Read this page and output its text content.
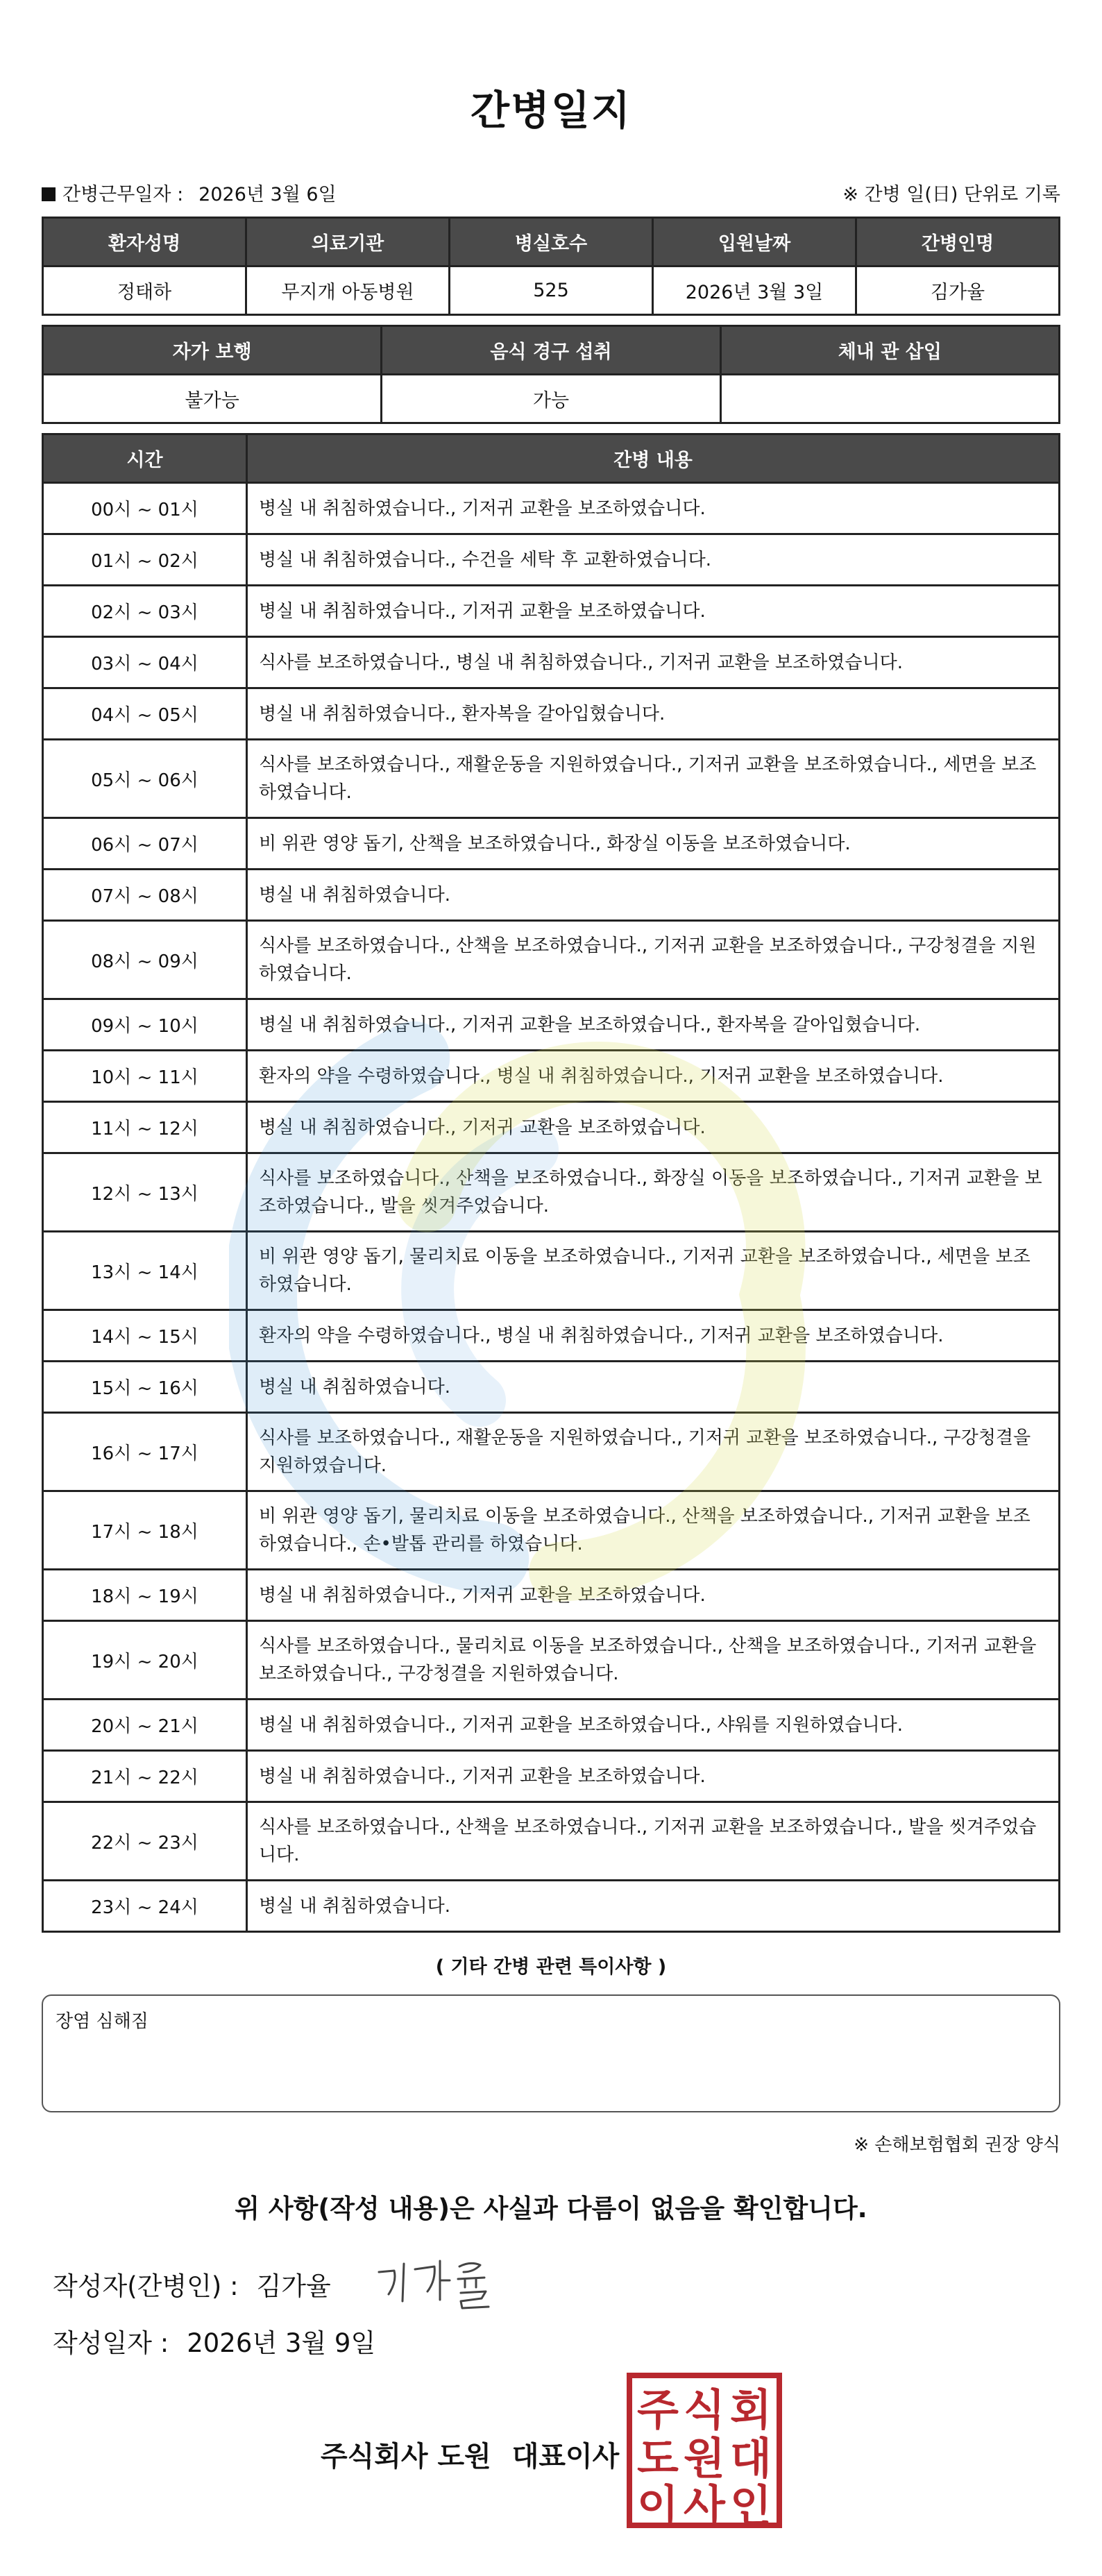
간병일지
간병근무일자 : 2026년 3월 6일	※ 간병 일(日) 단위로 기록
환자성명	의료기관	병실호수	입원날짜	간병인명
정태하	무지개 아동병원	525	2026년 3월 3일	김가율
자가 보행	음식 경구 섭취	체내 관 삽입
불가능	가능	
시간	간병 내용
00시 ~ 01시	병실 내 취침하였습니다., 기저귀 교환을 보조하였습니다.
01시 ~ 02시	병실 내 취침하였습니다., 수건을 세탁 후 교환하였습니다.
02시 ~ 03시	병실 내 취침하였습니다., 기저귀 교환을 보조하였습니다.
03시 ~ 04시	식사를 보조하였습니다., 병실 내 취침하였습니다., 기저귀 교환을 보조하였습니다.
04시 ~ 05시	병실 내 취침하였습니다., 환자복을 갈아입혔습니다.
05시 ~ 06시	식사를 보조하였습니다., 재활운동을 지원하였습니다., 기저귀 교환을 보조하였습니다., 세면을 보조하였습니다.
06시 ~ 07시	비 위관 영양 돕기, 산책을 보조하였습니다., 화장실 이동을 보조하였습니다.
07시 ~ 08시	병실 내 취침하였습니다.
08시 ~ 09시	식사를 보조하였습니다., 산책을 보조하였습니다., 기저귀 교환을 보조하였습니다., 구강청결을 지원하였습니다.
09시 ~ 10시	병실 내 취침하였습니다., 기저귀 교환을 보조하였습니다., 환자복을 갈아입혔습니다.
10시 ~ 11시	환자의 약을 수령하였습니다., 병실 내 취침하였습니다., 기저귀 교환을 보조하였습니다.
11시 ~ 12시	병실 내 취침하였습니다., 기저귀 교환을 보조하였습니다.
12시 ~ 13시	식사를 보조하였습니다., 산책을 보조하였습니다., 화장실 이동을 보조하였습니다., 기저귀 교환을 보조하였습니다., 발을 씻겨주었습니다.
13시 ~ 14시	비 위관 영양 돕기, 물리치료 이동을 보조하였습니다., 기저귀 교환을 보조하였습니다., 세면을 보조하였습니다.
14시 ~ 15시	환자의 약을 수령하였습니다., 병실 내 취침하였습니다., 기저귀 교환을 보조하였습니다.
15시 ~ 16시	병실 내 취침하였습니다.
16시 ~ 17시	식사를 보조하였습니다., 재활운동을 지원하였습니다., 기저귀 교환을 보조하였습니다., 구강청결을 지원하였습니다.
17시 ~ 18시	비 위관 영양 돕기, 물리치료 이동을 보조하였습니다., 산책을 보조하였습니다., 기저귀 교환을 보조하였습니다., 손•발톱 관리를 하였습니다.
18시 ~ 19시	병실 내 취침하였습니다., 기저귀 교환을 보조하였습니다.
19시 ~ 20시	식사를 보조하였습니다., 물리치료 이동을 보조하였습니다., 산책을 보조하였습니다., 기저귀 교환을 보조하였습니다., 구강청결을 지원하였습니다.
20시 ~ 21시	병실 내 취침하였습니다., 기저귀 교환을 보조하였습니다., 샤워를 지원하였습니다.
21시 ~ 22시	병실 내 취침하였습니다., 기저귀 교환을 보조하였습니다.
22시 ~ 23시	식사를 보조하였습니다., 산책을 보조하였습니다., 기저귀 교환을 보조하였습니다., 발을 씻겨주었습니다.
23시 ~ 24시	병실 내 취침하였습니다.
( 기타 간병 관련 특이사항 )
장염 심해짐
※ 손해보험협회 권장 양식
위 사항(작성 내용)은 사실과 다름이 없음을 확인합니다.
작성자(간병인) : 김가율
작성일자 : 2026년 3월 9일
주식회사 도원 대표이사
주 식 회
도 원 대
이 사 인
